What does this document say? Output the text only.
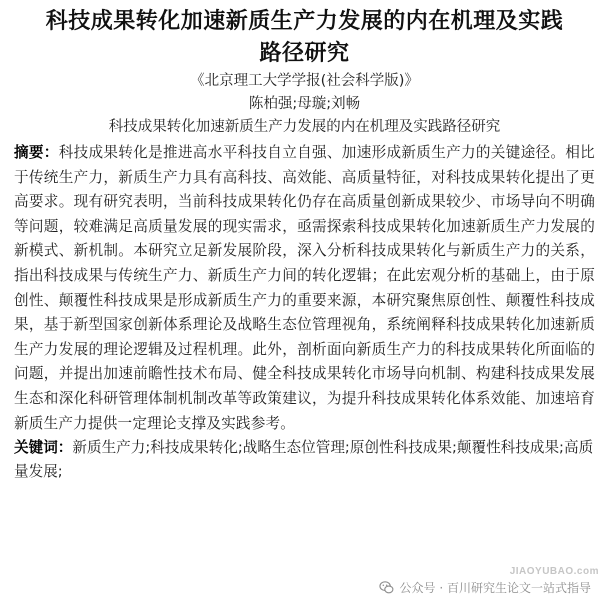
科技成果转化加速新质生产力发展的内在机理及实践
路径研究
《北京理工大学学报(社会科学版)》
陈柏强;母璇;刘畅
科技成果转化加速新质生产力发展的内在机理及实践路径研究

摘要：科技成果转化是推进高水平科技自立自强、加速形成新质生产力的关键途径。相比于传统生产力，新质生产力具有高科技、高效能、高质量特征，对科技成果转化提出了更高要求。现有研究表明，当前科技成果转化仍存在高质量创新成果较少、市场导向不明确等问题，较难满足高质量发展的现实需求，亟需探索科技成果转化加速新质生产力发展的新模式、新机制。本研究立足新发展阶段，深入分析科技成果转化与新质生产力的关系，指出科技成果与传统生产力、新质生产力间的转化逻辑；在此宏观分析的基础上，由于原创性、颠覆性科技成果是形成新质生产力的重要来源，本研究聚焦原创性、颠覆性科技成果，基于新型国家创新体系理论及战略生态位管理视角，系统阐释科技成果转化加速新质生产力发展的理论逻辑及过程机理。此外，剖析面向新质生产力的科技成果转化所面临的问题，并提出加速前瞻性技术布局、健全科技成果转化市场导向机制、构建科技成果发展生态和深化科研管理体制机制改革等政策建议，为提升科技成果转化体系效能、加速培育新质生产力提供一定理论支撑及实践参考。

关键词：新质生产力;科技成果转化;战略生态位管理;原创性科技成果;颠覆性科技成果;高质量发展;

JIAOYUBAO.com
公众号 · 百川研究生论文一站式指导
